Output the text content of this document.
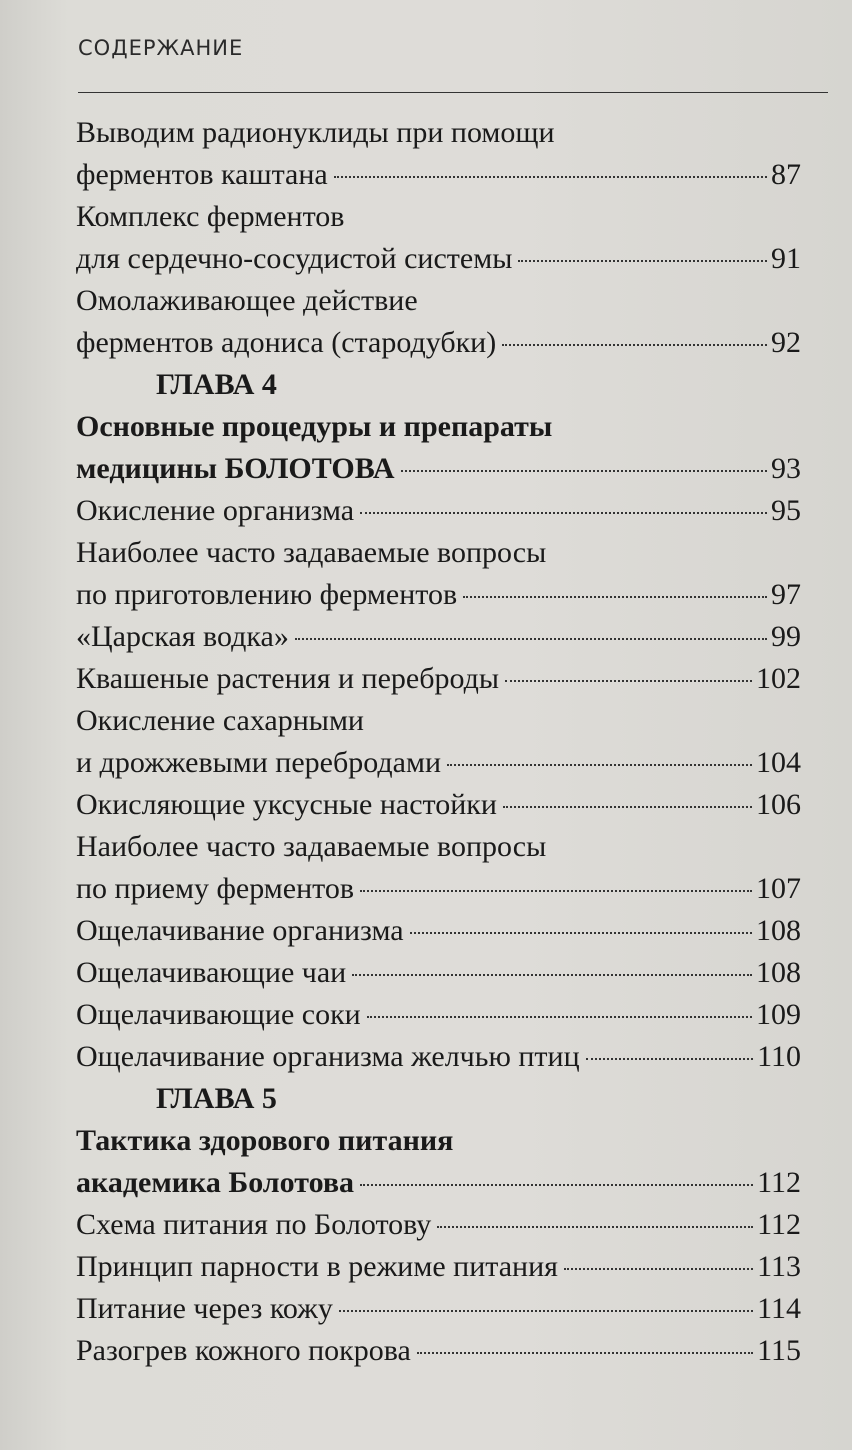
СОДЕРЖАНИЕ
Выводим радионуклиды при помощи
ферментов каштана	87
Комплекс ферментов
для сердечно-сосудистой системы	91
Омолаживающее действие
ферментов адониса (стародубки)	92
ГЛАВА 4
Основные процедуры и препараты
медицины БОЛОТОВА	93
Окисление организма	95
Наиболее часто задаваемые вопросы
по приготовлению ферментов	97
«Царская водка»	99
Квашеные растения и переброды	102
Окисление сахарными
и дрожжевыми перебродами	104
Окисляющие уксусные настойки	106
Наиболее часто задаваемые вопросы
по приему ферментов	107
Ощелачивание организма	108
Ощелачивающие чаи	108
Ощелачивающие соки	109
Ощелачивание организма желчью птиц	110
ГЛАВА 5
Тактика здорового питания
академика Болотова	112
Схема питания по Болотову	112
Принцип парности в режиме питания	113
Питание через кожу	114
Разогрев кожного покрова	115
